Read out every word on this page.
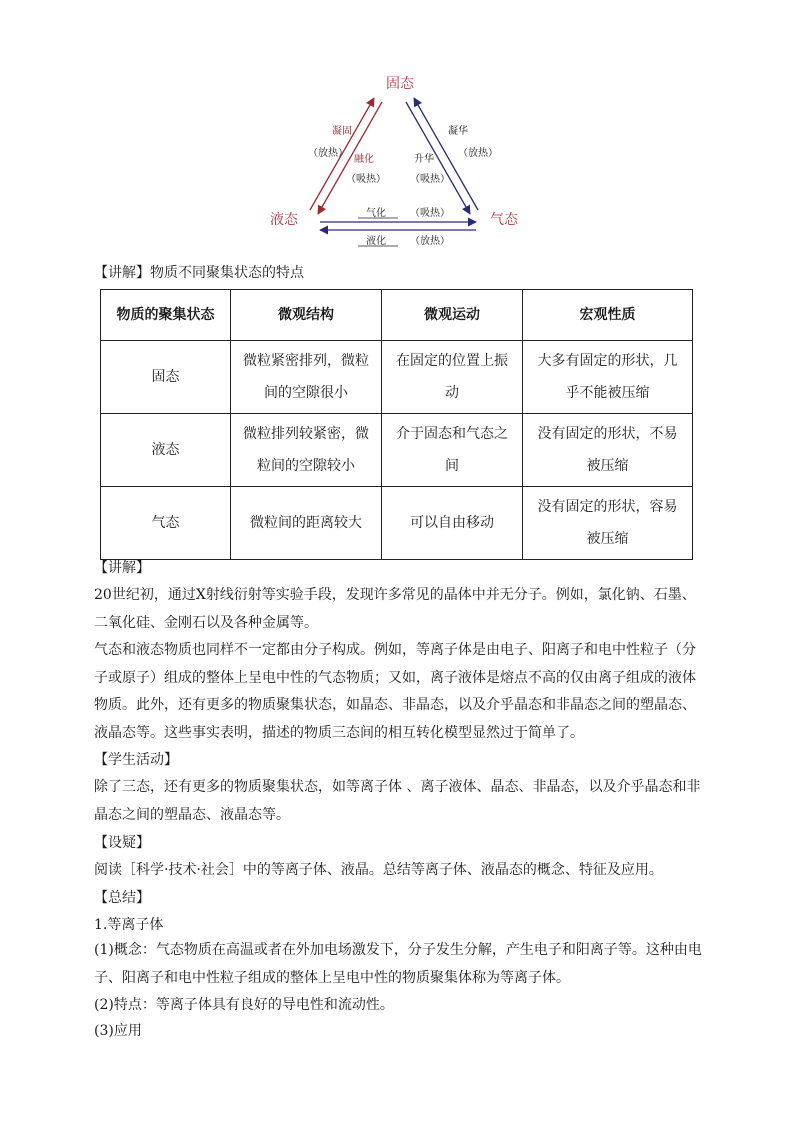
固态
液态	气态
凝固
（放热）
融化
（吸热）
凝华
（放热）
升华
（吸热）
气化 （吸热）
液化 （放热）
【讲解】物质不同聚集状态的特点
物质的聚集状态	微观结构	微观运动	宏观性质
固态	微粒紧密排列，微粒间的空隙很小	在固定的位置上振动	大多有固定的形状，几乎不能被压缩
液态	微粒排列较紧密，微粒间的空隙较小	介于固态和气态之间	没有固定的形状，不易被压缩
气态	微粒间的距离较大	可以自由移动	没有固定的形状，容易被压缩
【讲解】

20世纪初，通过X射线衍射等实验手段，发现许多常见的晶体中并无分子。例如，氯化钠、石墨、二氧化硅、金刚石以及各种金属等。

气态和液态物质也同样不一定都由分子构成。例如，等离子体是由电子、阳离子和电中性粒子（分子或原子）组成的整体上呈电中性的气态物质；又如，离子液体是熔点不高的仅由离子组成的液体物质。此外，还有更多的物质聚集状态，如晶态、非晶态，以及介乎晶态和非晶态之间的塑晶态、液晶态等。这些事实表明，描述的物质三态间的相互转化模型显然过于简单了。

【学生活动】

除了三态，还有更多的物质聚集状态，如等离子体 、离子液体、晶态、非晶态，以及介乎晶态和非晶态之间的塑晶态、液晶态等。

【设疑】

阅读［科学·技术·社会］中的等离子体、液晶。总结等离子体、液晶态的概念、特征及应用。

【总结】

1.等离子体

(1)概念：气态物质在高温或者在外加电场激发下，分子发生分解，产生电子和阳离子等。这种由电子、阳离子和电中性粒子组成的整体上呈电中性的物质聚集体称为等离子体。

(2)特点：等离子体具有良好的导电性和流动性。

(3)应用
